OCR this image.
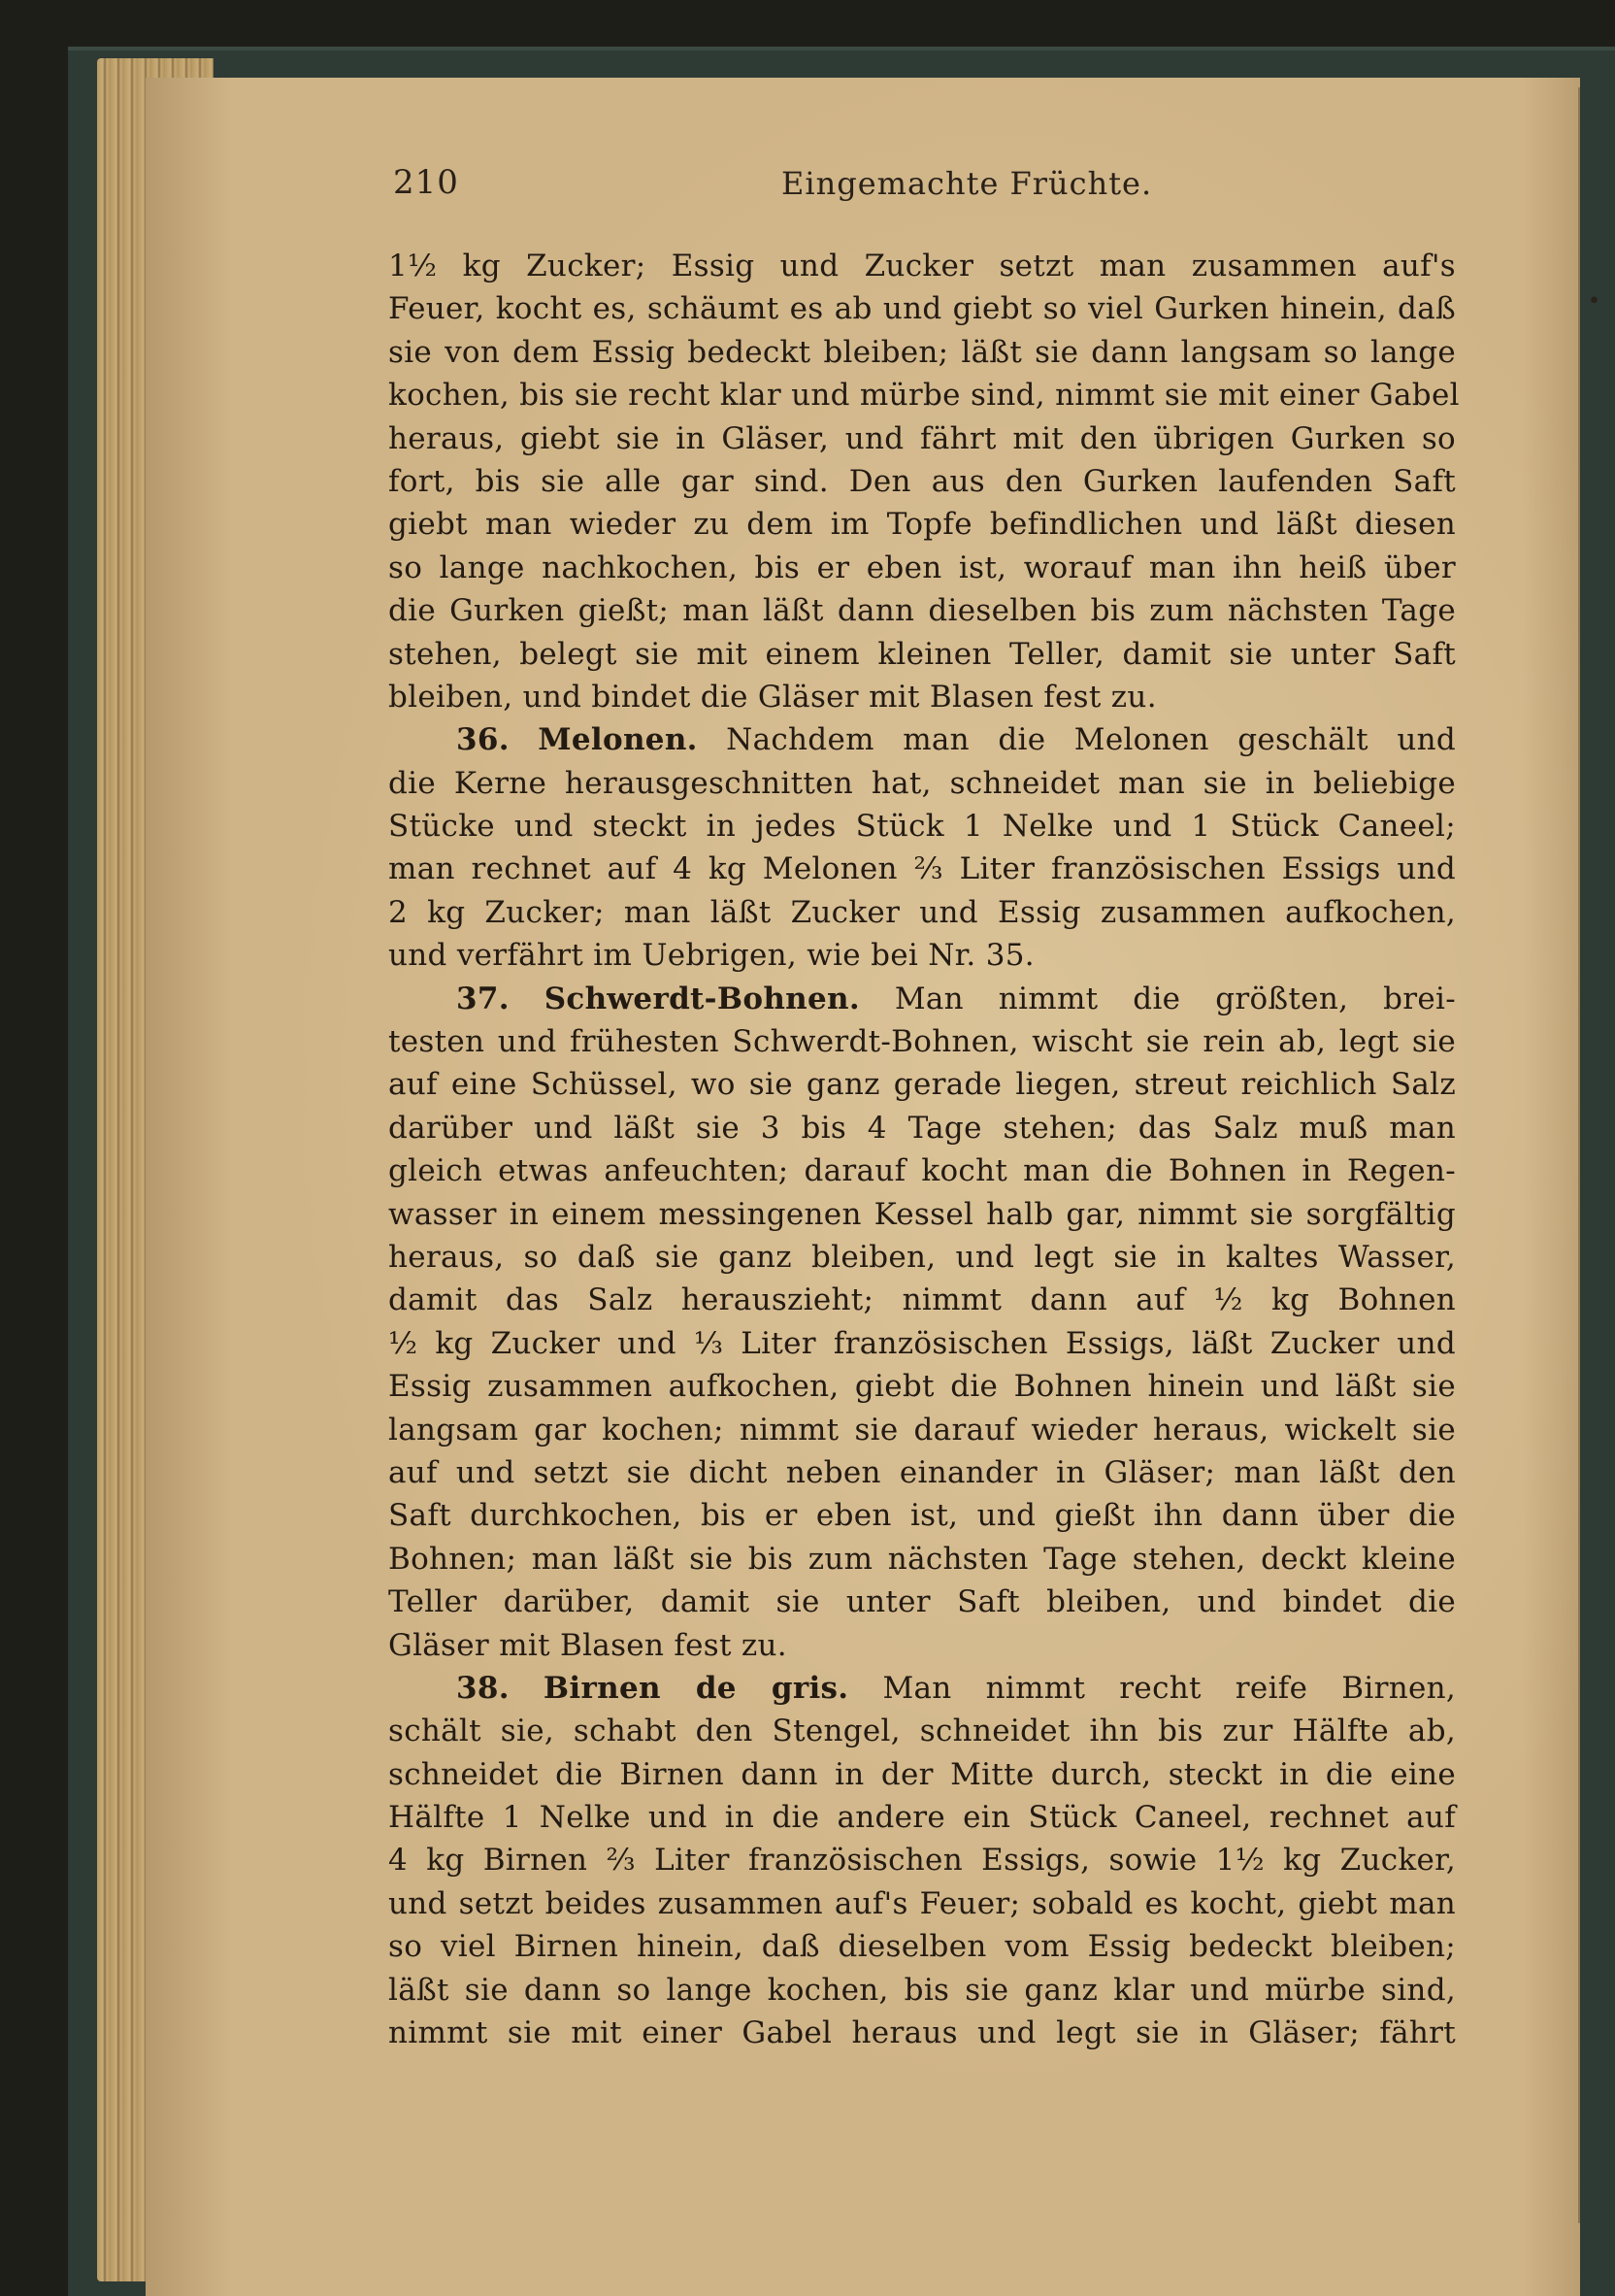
•
210	Eingemachte Früchte.
1½ kg Zucker; Essig und Zucker setzt man zusammen auf's
Feuer, kocht es, schäumt es ab und giebt so viel Gurken hinein, daß
sie von dem Essig bedeckt bleiben; läßt sie dann langsam so lange
kochen, bis sie recht klar und mürbe sind, nimmt sie mit einer Gabel
heraus, giebt sie in Gläser, und fährt mit den übrigen Gurken so
fort, bis sie alle gar sind. Den aus den Gurken laufenden Saft
giebt man wieder zu dem im Topfe befindlichen und läßt diesen
so lange nachkochen, bis er eben ist, worauf man ihn heiß über
die Gurken gießt; man läßt dann dieselben bis zum nächsten Tage
stehen, belegt sie mit einem kleinen Teller, damit sie unter Saft
bleiben, und bindet die Gläser mit Blasen fest zu.
36. Melonen. Nachdem man die Melonen geschält und
die Kerne herausgeschnitten hat, schneidet man sie in beliebige
Stücke und steckt in jedes Stück 1 Nelke und 1 Stück Caneel;
man rechnet auf 4 kg Melonen ⅔ Liter französischen Essigs und
2 kg Zucker; man läßt Zucker und Essig zusammen aufkochen,
und verfährt im Uebrigen, wie bei Nr. 35.
37. Schwerdt-Bohnen. Man nimmt die größten, brei-
testen und frühesten Schwerdt-Bohnen, wischt sie rein ab, legt sie
auf eine Schüssel, wo sie ganz gerade liegen, streut reichlich Salz
darüber und läßt sie 3 bis 4 Tage stehen; das Salz muß man
gleich etwas anfeuchten; darauf kocht man die Bohnen in Regen-
wasser in einem messingenen Kessel halb gar, nimmt sie sorgfältig
heraus, so daß sie ganz bleiben, und legt sie in kaltes Wasser,
damit das Salz herauszieht; nimmt dann auf ½ kg Bohnen
½ kg Zucker und ⅓ Liter französischen Essigs, läßt Zucker und
Essig zusammen aufkochen, giebt die Bohnen hinein und läßt sie
langsam gar kochen; nimmt sie darauf wieder heraus, wickelt sie
auf und setzt sie dicht neben einander in Gläser; man läßt den
Saft durchkochen, bis er eben ist, und gießt ihn dann über die
Bohnen; man läßt sie bis zum nächsten Tage stehen, deckt kleine
Teller darüber, damit sie unter Saft bleiben, und bindet die
Gläser mit Blasen fest zu.
38. Birnen de gris. Man nimmt recht reife Birnen,
schält sie, schabt den Stengel, schneidet ihn bis zur Hälfte ab,
schneidet die Birnen dann in der Mitte durch, steckt in die eine
Hälfte 1 Nelke und in die andere ein Stück Caneel, rechnet auf
4 kg Birnen ⅔ Liter französischen Essigs, sowie 1½ kg Zucker,
und setzt beides zusammen auf's Feuer; sobald es kocht, giebt man
so viel Birnen hinein, daß dieselben vom Essig bedeckt bleiben;
läßt sie dann so lange kochen, bis sie ganz klar und mürbe sind,
nimmt sie mit einer Gabel heraus und legt sie in Gläser; fährt
